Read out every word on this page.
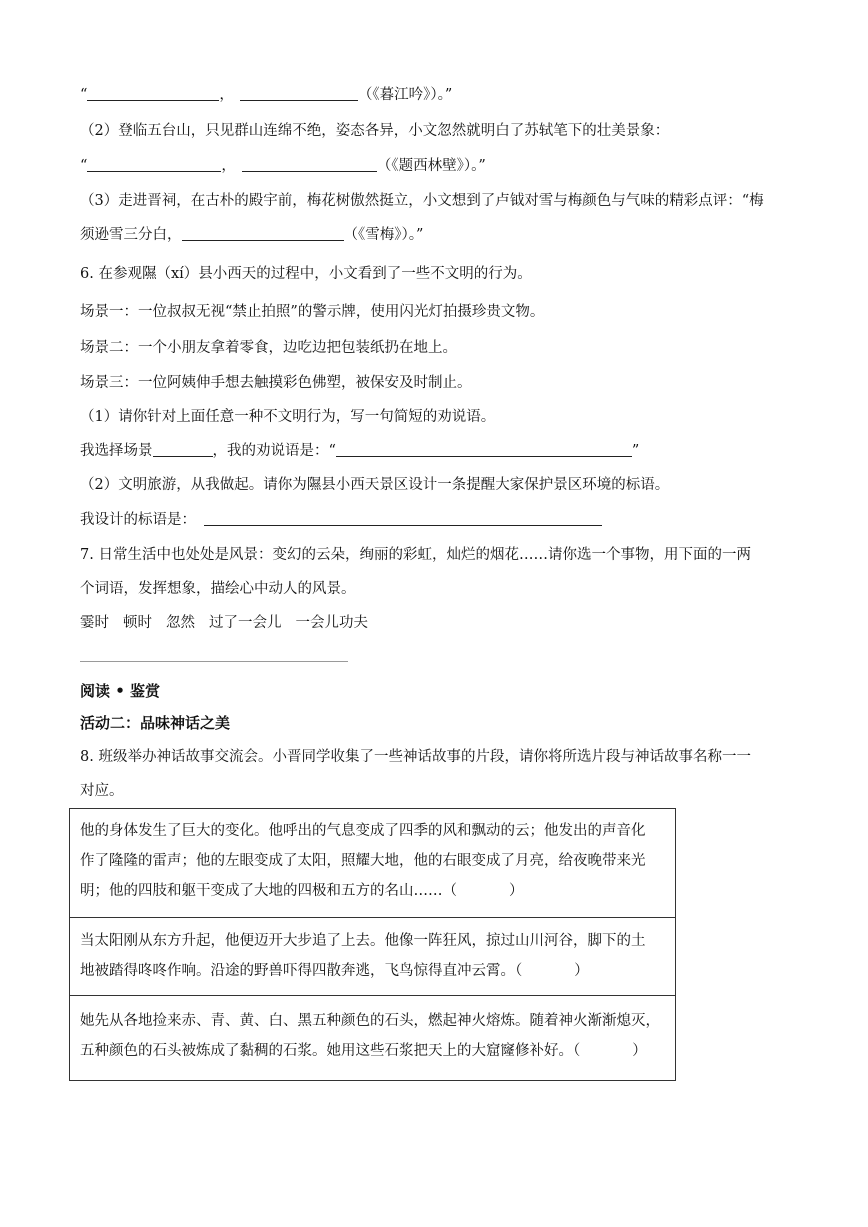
“	，	（《暮江吟》）。”
（2）登临五台山，只见群山连绵不绝，姿态各异，小文忽然就明白了苏轼笔下的壮美景象：
“	，	（《题西林壁》）。”
（3）走进晋祠，在古朴的殿宇前，梅花树傲然挺立，小文想到了卢钺对雪与梅颜色与气味的精彩点评：“梅
须逊雪三分白，	（《雪梅》）。”
6. 在参观隰（xí）县小西天的过程中，小文看到了一些不文明的行为。
场景一：一位叔叔无视“禁止拍照”的警示牌，使用闪光灯拍摄珍贵文物。
场景二：一个小朋友拿着零食，边吃边把包装纸扔在地上。
场景三：一位阿姨伸手想去触摸彩色佛塑，被保安及时制止。
（1）请你针对上面任意一种不文明行为，写一句简短的劝说语。
我选择场景	，我的劝说语是：“	”
（2）文明旅游，从我做起。请你为隰县小西天景区设计一条提醒大家保护景区环境的标语。
我设计的标语是：
7. 日常生活中也处处是风景：变幻的云朵，绚丽的彩虹，灿烂的烟花……请你选一个事物，用下面的一两
个词语，发挥想象，描绘心中动人的风景。
霎时 顿时 忽然 过了一会儿 一会儿功夫
阅读 • 鉴赏
活动二：品味神话之美
8. 班级举办神话故事交流会。小晋同学收集了一些神话故事的片段，请你将所选片段与神话故事名称一一
对应。
他的身体发生了巨大的变化。他呼出的气息变成了四季的风和飘动的云；他发出的声音化
作了隆隆的雷声；他的左眼变成了太阳，照耀大地，他的右眼变成了月亮，给夜晚带来光
明；他的四肢和躯干变成了大地的四极和五方的名山……（	）
当太阳刚从东方升起，他便迈开大步追了上去。他像一阵狂风，掠过山川河谷，脚下的土
地被踏得咚咚作响。沿途的野兽吓得四散奔逃，飞鸟惊得直冲云霄。（	）
她先从各地捡来赤、青、黄、白、黑五种颜色的石头，燃起神火熔炼。随着神火渐渐熄灭，
五种颜色的石头被炼成了黏稠的石浆。她用这些石浆把天上的大窟窿修补好。（	）
